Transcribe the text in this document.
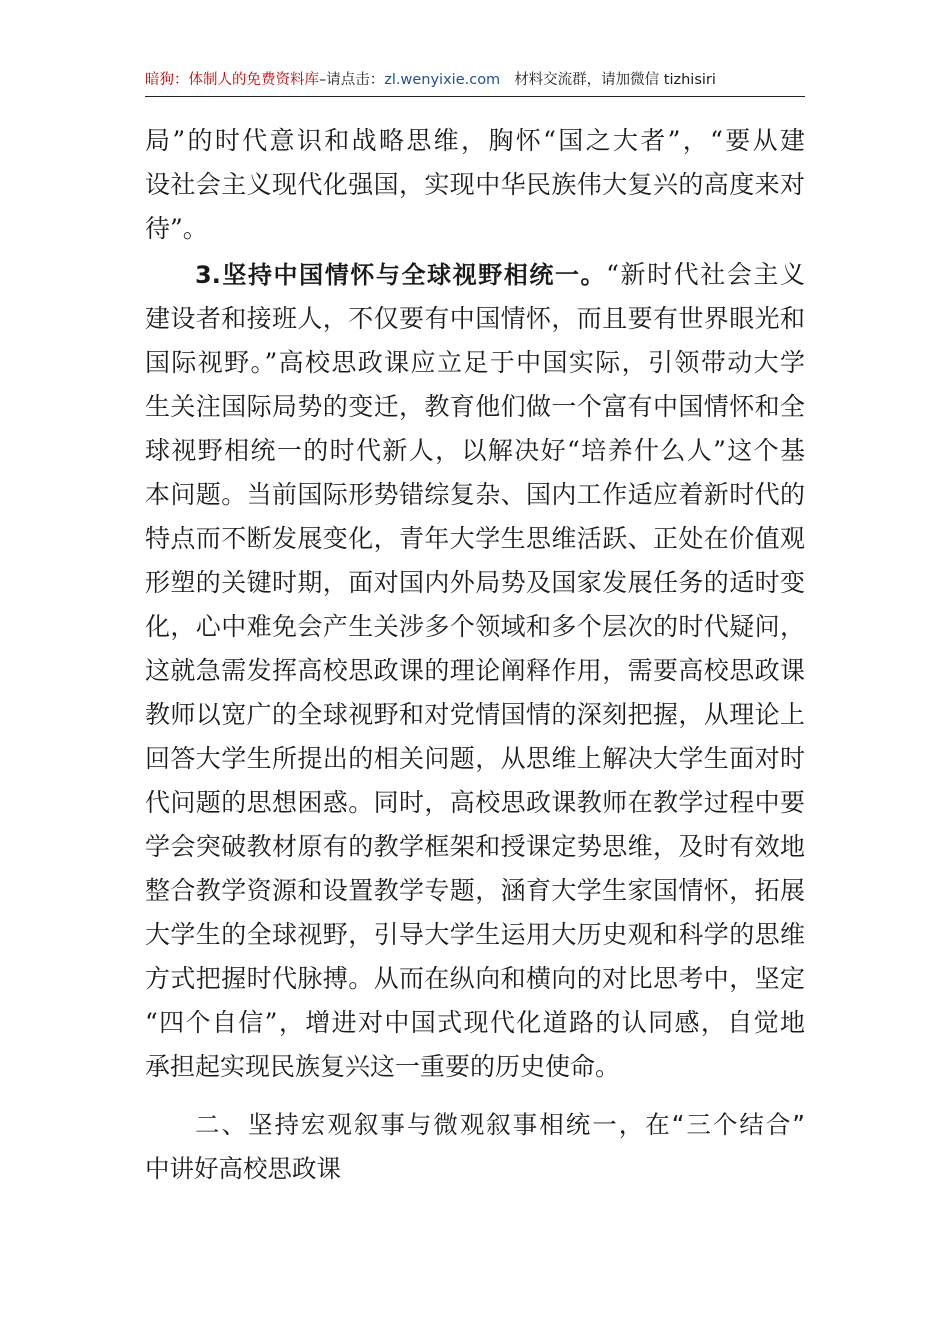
暗狗：体制人的免费资料库–请点击：zl.wenyixie.com 材料交流群，请加微信 tizhisiri
局”的时代意识和战略思维，胸怀“国之大者”，“要从建
设社会主义现代化强国，实现中华民族伟大复兴的高度来对
待”。
3.坚持中国情怀与全球视野相统一。“新时代社会主义
建设者和接班人，不仅要有中国情怀，而且要有世界眼光和
国际视野。”高校思政课应立足于中国实际，引领带动大学
生关注国际局势的变迁，教育他们做一个富有中国情怀和全
球视野相统一的时代新人，以解决好“培养什么人”这个基
本问题。当前国际形势错综复杂、国内工作适应着新时代的
特点而不断发展变化，青年大学生思维活跃、正处在价值观
形塑的关键时期，面对国内外局势及国家发展任务的适时变
化，心中难免会产生关涉多个领域和多个层次的时代疑问，
这就急需发挥高校思政课的理论阐释作用，需要高校思政课
教师以宽广的全球视野和对党情国情的深刻把握，从理论上
回答大学生所提出的相关问题，从思维上解决大学生面对时
代问题的思想困惑。同时，高校思政课教师在教学过程中要
学会突破教材原有的教学框架和授课定势思维，及时有效地
整合教学资源和设置教学专题，涵育大学生家国情怀，拓展
大学生的全球视野，引导大学生运用大历史观和科学的思维
方式把握时代脉搏。从而在纵向和横向的对比思考中，坚定
“四个自信”，增进对中国式现代化道路的认同感，自觉地
承担起实现民族复兴这一重要的历史使命。
二、坚持宏观叙事与微观叙事相统一，在“三个结合”
中讲好高校思政课
